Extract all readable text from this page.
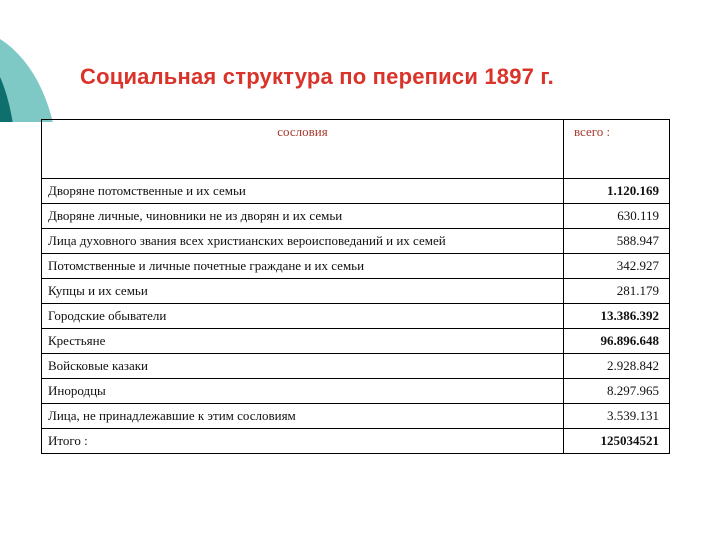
Социальная структура по переписи 1897 г.
сословия	всего :
Дворяне потомственные и их семьи	1.120.169
Дворяне личные, чиновники не из дворян и их семьи	630.119
Лица духовного звания всех христианских вероисповеданий и их семей	588.947
Потомственные и личные почетные граждане и их семьи	342.927
Купцы и их семьи	281.179
Городские обыватели	13.386.392
Крестьяне	96.896.648
Войсковые казаки	2.928.842
Инородцы	8.297.965
Лица, не принадлежавшие к этим сословиям	3.539.131
Итого :	125034521
